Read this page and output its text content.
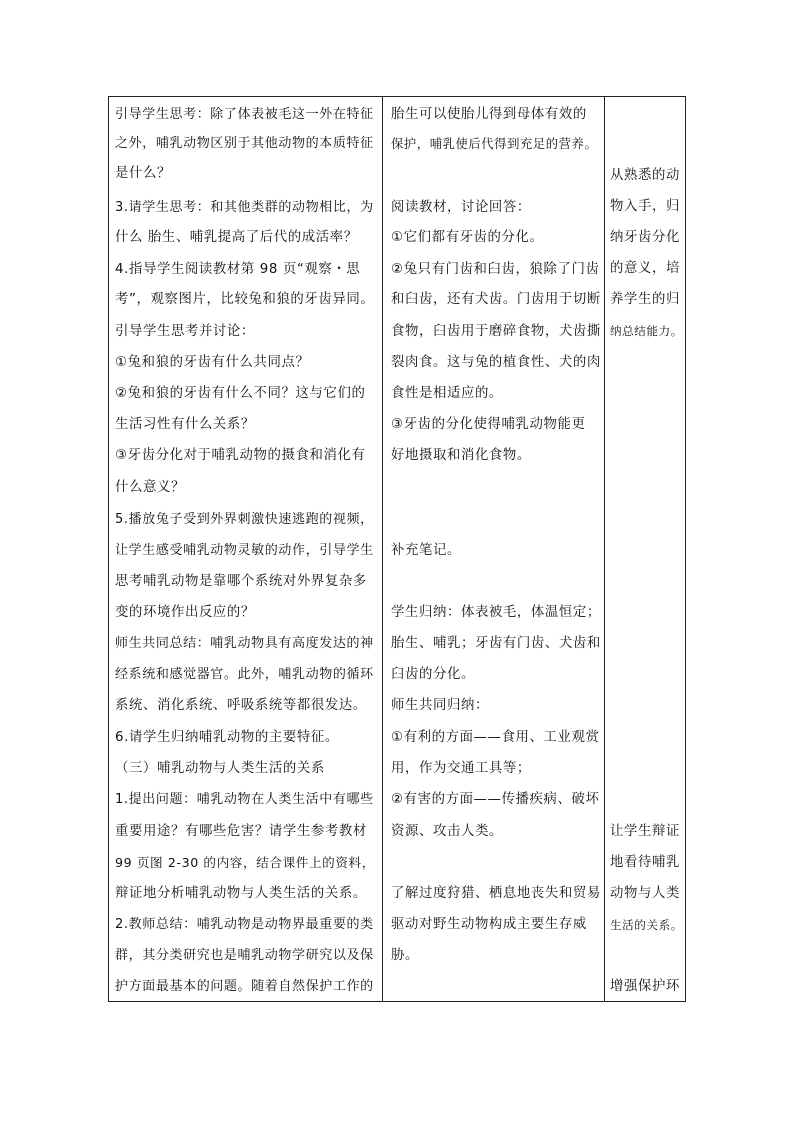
引导学生思考：除了体表被毛这一外在特征
之外，哺乳动物区别于其他动物的本质特征
是什么？
3.请学生思考：和其他类群的动物相比，为
什么 胎生、哺乳提高了后代的成活率？
4.指导学生阅读教材第 98 页“观察・思
考”，观察图片，比较兔和狼的牙齿异同。
引导学生思考并讨论：
①兔和狼的牙齿有什么共同点？
②兔和狼的牙齿有什么不同？这与它们的
生活习性有什么关系？
③牙齿分化对于哺乳动物的摄食和消化有
什么意义？
5.播放兔子受到外界刺激快速逃跑的视频，
让学生感受哺乳动物灵敏的动作，引导学生
思考哺乳动物是靠哪个系统对外界复杂多
变的环境作出反应的？
师生共同总结：哺乳动物具有高度发达的神
经系统和感觉器官。此外，哺乳动物的循环
系统、消化系统、呼吸系统等都很发达。
6.请学生归纳哺乳动物的主要特征。
（三）哺乳动物与人类生活的关系
1.提出问题：哺乳动物在人类生活中有哪些
重要用途？有哪些危害？请学生参考教材
99 页图 2-30 的内容，结合课件上的资料，
辩证地分析哺乳动物与人类生活的关系。
2.教师总结：哺乳动物是动物界最重要的类
群，其分类研究也是哺乳动物学研究以及保
护方面最基本的问题。随着自然保护工作的
胎生可以使胎儿得到母体有效的
保护，哺乳使后代得到充足的营养。
阅读教材，讨论回答：
①它们都有牙齿的分化。
②兔只有门齿和臼齿，狼除了门齿
和臼齿，还有犬齿。门齿用于切断
食物，臼齿用于磨碎食物，犬齿撕
裂肉食。这与兔的植食性、犬的肉
食性是相适应的。
③牙齿的分化使得哺乳动物能更
好地摄取和消化食物。
补充笔记。
学生归纳：体表被毛，体温恒定；
胎生、哺乳；牙齿有门齿、犬齿和
臼齿的分化。
师生共同归纳：
①有利的方面——食用、工业观赏
用，作为交通工具等；
②有害的方面——传播疾病、破坏
资源、攻击人类。
了解过度狩猎、栖息地丧失和贸易
驱动对野生动物构成主要生存威
胁。
从熟悉的动
物入手，归
纳牙齿分化
的意义，培
养学生的归
纳总结能力。
让学生辩证
地看待哺乳
动物与人类
生活的关系。
增强保护环
